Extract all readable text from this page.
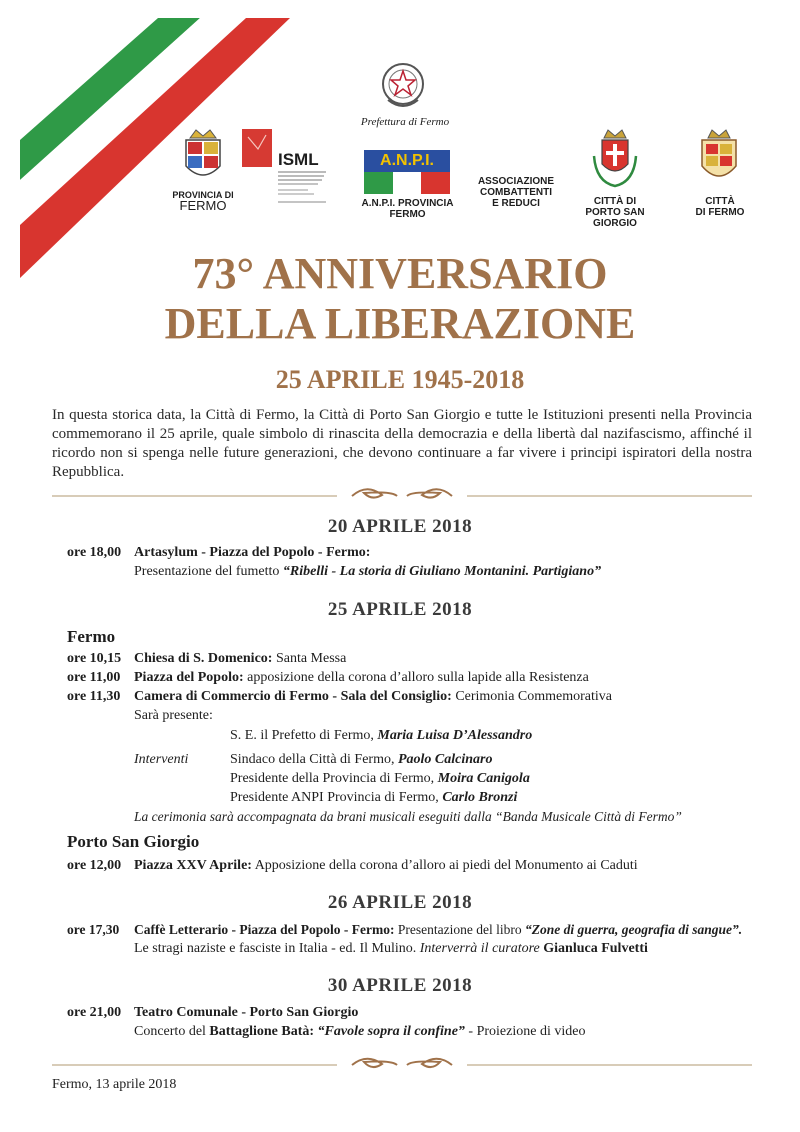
Prefettura di Fermo
PROVINCIA DI
FERMO
ISML	A.N.P.I.
A.N.P.I. PROVINCIA FERMO
ASSOCIAZIONE
COMBATTENTI
E REDUCI	CITTÀ DI
PORTO SAN GIORGIO
CITTÀ
DI FERMO
73° ANNIVERSARIO
DELLA LIBERAZIONE
25 APRILE 1945-2018
In questa storica data, la Città di Fermo, la Città di Porto San Giorgio e tutte le Istituzioni presenti nella Provincia commemorano il 25 aprile, quale simbolo di rinascita della democrazia e della libertà dal nazifascismo, affinché il ricordo non si spenga nelle future generazioni, che devono continuare a far vivere i principi ispiratori della nostra Repubblica.
20 APRILE 2018
ore 18,00 Artasylum - Piazza del Popolo - Fermo:
Presentazione del fumetto “Ribelli - La storia di Giuliano Montanini. Partigiano”
25 APRILE 2018
Fermo
ore 10,15 Chiesa di S. Domenico: Santa Messa
ore 11,00 Piazza del Popolo: apposizione della corona d’alloro sulla lapide alla Resistenza
ore 11,30 Camera di Commercio di Fermo - Sala del Consiglio: Cerimonia Commemorativa
Sarà presente:
S. E. il Prefetto di Fermo, Maria Luisa D’Alessandro
Interventi	Sindaco della Città di Fermo, Paolo Calcinaro
Presidente della Provincia di Fermo, Moira Canigola
Presidente ANPI Provincia di Fermo, Carlo Bronzi
La cerimonia sarà accompagnata da brani musicali eseguiti dalla “Banda Musicale Città di Fermo”
Porto San Giorgio
ore 12,00 Piazza XXV Aprile: Apposizione della corona d’alloro ai piedi del Monumento ai Caduti
26 APRILE 2018
ore 17,30 Caffè Letterario - Piazza del Popolo - Fermo: Presentazione del libro “Zone di guerra, geografia di sangue”.
Le stragi naziste e fasciste in Italia - ed. Il Mulino. Interverrà il curatore Gianluca Fulvetti
30 APRILE 2018
ore 21,00 Teatro Comunale - Porto San Giorgio
Concerto del Battaglione Batà: “Favole sopra il confine” - Proiezione di video
Fermo, 13 aprile 2018
